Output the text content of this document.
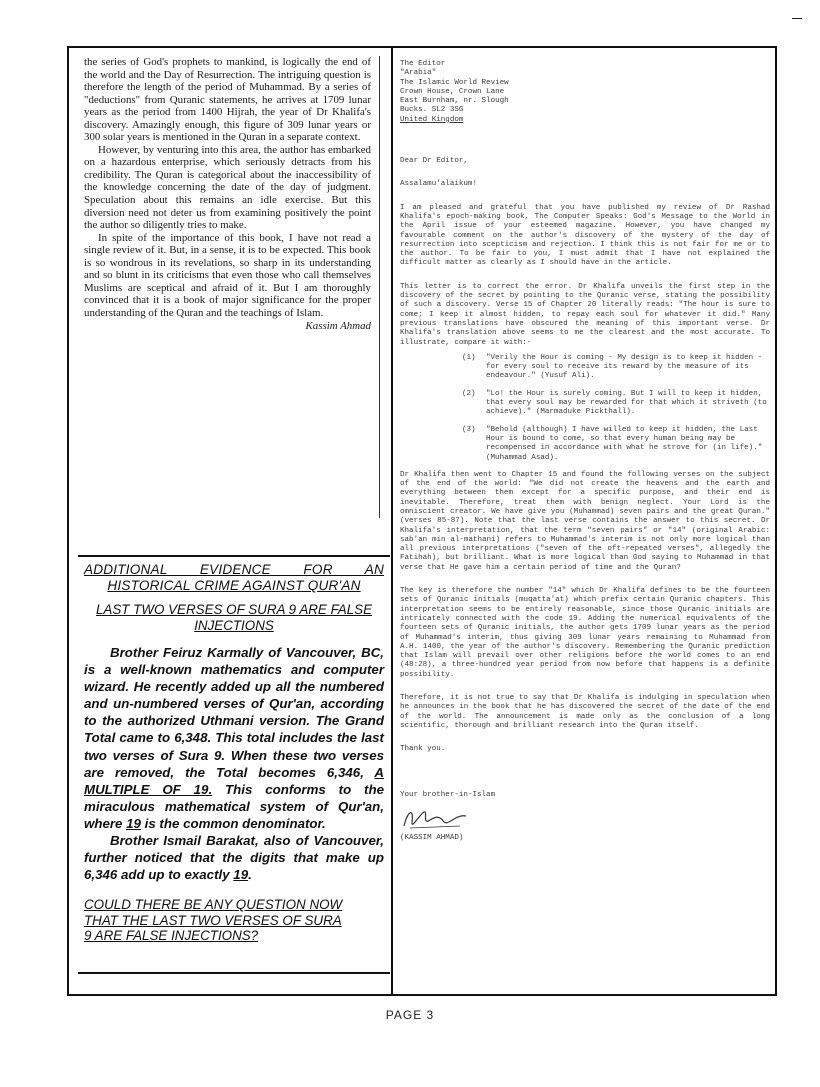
the series of God's prophets to mankind, is logically the end of the world and the Day of Resurrection. The intriguing question is therefore the length of the period of Muhammad. By a series of "deductions" from Quranic statements, he arrives at 1709 lunar years as the period from 1400 Hijrah, the year of Dr Khalifa's discovery. Amazingly enough, this figure of 309 lunar years or 300 solar years is mentioned in the Quran in a separate context.

However, by venturing into this area, the author has embarked on a hazardous enterprise, which seriously detracts from his credibility. The Quran is categorical about the inaccessibility of the knowledge concerning the date of the day of judgment. Speculation about this remains an idle exercise. But this diversion need not deter us from examining positively the point the author so diligently tries to make.

In spite of the importance of this book, I have not read a single review of it. But, in a sense, it is to be expected. This book is so wondrous in its revelations, so sharp in its understanding and so blunt in its criticisms that even those who call themselves Muslims are sceptical and afraid of it. But I am thoroughly convinced that it is a book of major significance for the proper understanding of the Quran and the teachings of Islam.

Kassim Ahmad
ADDITIONAL EVIDENCE FOR AN
HISTORICAL CRIME AGAINST QUR'AN
LAST TWO VERSES OF SURA 9 ARE FALSE
INJECTIONS

Brother Feiruz Karmally of Vancouver, BC, is a well-known mathematics and computer wizard. He recently added up all the numbered and un-numbered verses of Qur'an, according to the authorized Uthmani version. The Grand Total came to 6,348. This total includes the last two verses of Sura 9. When these two verses are removed, the Total becomes 6,346, A MULTIPLE OF 19. This conforms to the miraculous mathematical system of Qur'an, where 19 is the common denominator.

Brother Ismail Barakat, also of Vancouver, further noticed that the digits that make up 6,346 add up to exactly 19.

COULD THERE BE ANY QUESTION NOW
THAT THE LAST TWO VERSES OF SURA
9 ARE FALSE INJECTIONS?
The Editor
"Arabia"
The Islamic World Review
Crown House, Crown Lane
East Burnham, nr. Slough
Bucks. SL2 3SG
United Kingdom

Dear Dr Editor,

Assalamu'alaikum!

I am pleased and grateful that you have published my review of Dr Rashad Khalifa's epoch-making book, The Computer Speaks: God's Message to the World in the April issue of your esteemed magazine. However, you have changed my favourable comment on the author's discovery of the mystery of the day of resurrection into scepticism and rejection. I think this is not fair for me or to the author. To be fair to you, I must admit that I have not explained the difficult matter as clearly as I should have in the article.

This letter is to correct the error. Dr Khalifa unveils the first step in the discovery of the secret by pointing to the Quranic verse, stating the possibility of such a discovery. Verse 15 of Chapter 20 literally reads: "The hour is sure to come; I keep it almost hidden, to repay each soul for whatever it did." Many previous translations have obscured the meaning of this important verse. Dr Khalifa's translation above seems to me the clearest and the most accurate. To illustrate, compare it with:-

(1)	"Verily the Hour is coming - My design is to keep it hidden - for every soul to receive its reward by the measure of its endeavour." (Yusuf Ali).
(2)	"Lo! the Hour is surely coming. But I will to keep it hidden, that every soul may be rewarded for that which it striveth (to achieve)." (Marmaduke Pickthall).
(3)	"Behold (although) I have willed to keep it hidden, the Last Hour is bound to come, so that every human being may be recompensed in accordance with what he strove for (in life)." (Muhammad Asad).

Dr Khalifa then went to Chapter 15 and found the following verses on the subject of the end of the world: "We did not create the heavens and the earth and everything between them except for a specific purpose, and their end is inevitable. Therefore, treat them with benign neglect. Your Lord is the omniscient creator. We have give you (Muhammad) seven pairs and the great Quran." (verses 85-87). Note that the last verse contains the answer to this secret. Dr Khalifa's interpretation, that the term "seven pairs" or "14" (original Arabic: sab'an min al-mathani) refers to Muhammad's interim is not only more logical than all previous interpretations ("seven of the oft-repeated verses", allegedly the Fatihah), but brilliant. What is more logical than God saying to Muhammad in that verse that He gave him a certain period of time and the Quran?

The key is therefore the number "14" which Dr Khalifa defines to be the fourteen sets of Quranic initials (muqatta'at) which prefix certain Quranic chapters. This interpretation seems to be entirely reasonable, since those Quranic initials are intricately connected with the code 19. Adding the numerical equivalents of the fourteen sets of Quranic initials, the author gets 1709 lunar years as the period of Muhammad's interim, thus giving 309 lunar years remaining to Muhammad from A.H. 1400, the year of the author's discovery. Remembering the Quranic prediction that Islam will prevail over other religions before the world comes to an end (48:28), a three-hundred year period from now before that happens is a definite possibility.

Therefore, it is not true to say that Dr Khalifa is indulging in speculation when he announces in the book that he has discovered the secret of the date of the end of the world. The announcement is made only as the conclusion of a long scientific, thorough and brilliant research into the Quran itself.

Thank you.

Your brother-in-Islam

(KASSIM AHMAD)

PAGE 3
